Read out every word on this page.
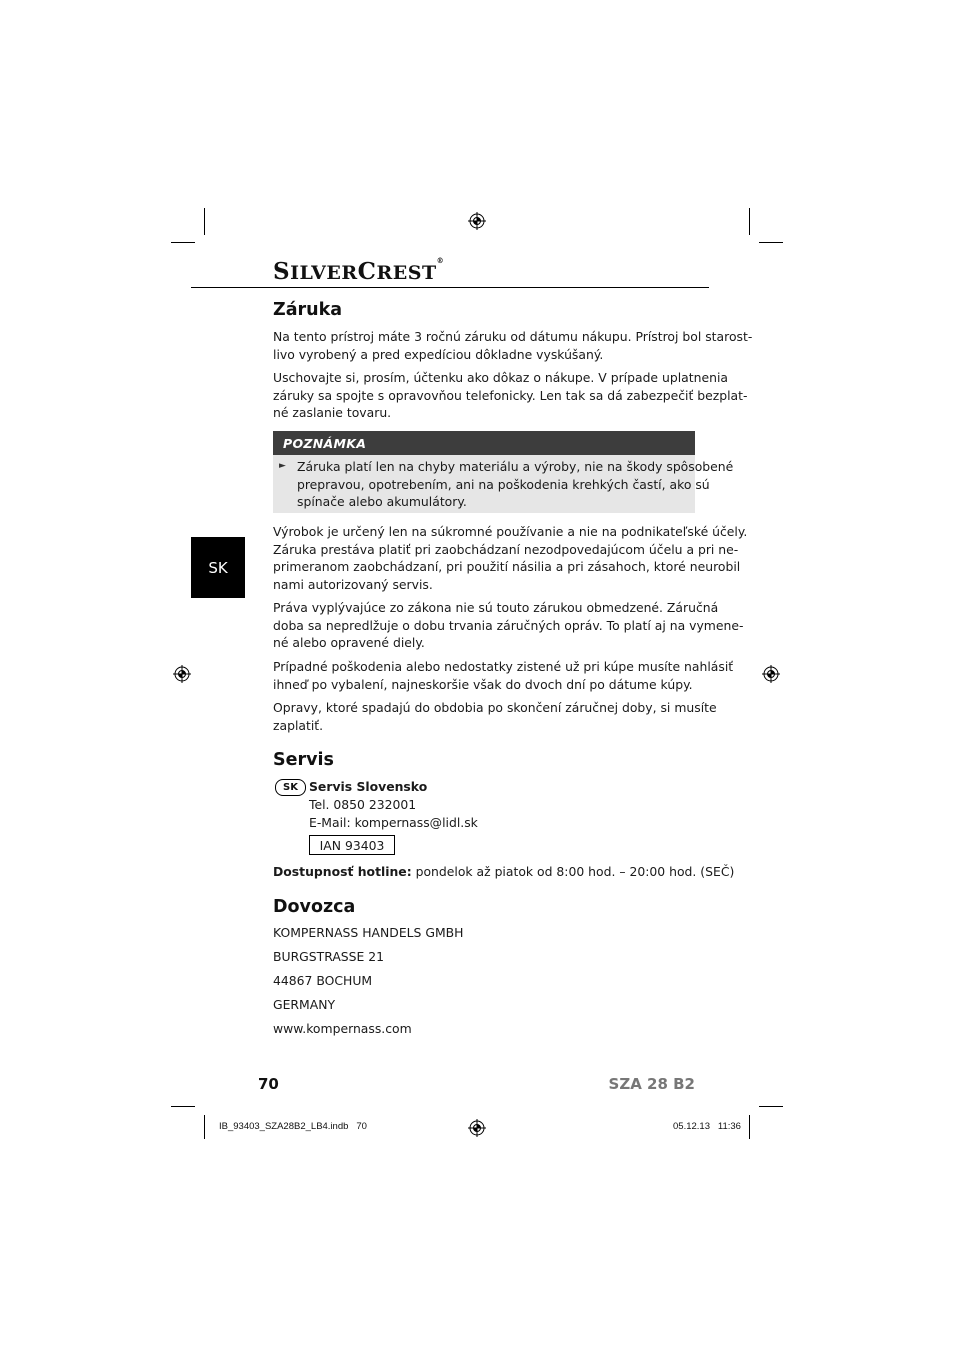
SILVERCREST®
SK
Záruka
Na tento prístroj máte 3 ročnú záruku od dátumu nákupu. Prístroj bol starost-
livo vyrobený a pred expedíciou dôkladne vyskúšaný.
Uschovajte si, prosím, účtenku ako dôkaz o nákupe. V prípade uplatnenia
záruky sa spojte s opravovňou telefonicky. Len tak sa dá zabezpečiť bezplat-
né zaslanie tovaru.
POZNÁMKA
► Záruka platí len na chyby materiálu a výroby, nie na škody spôsobené
prepravou, opotrebením, ani na poškodenia krehkých častí, ako sú
spínače alebo akumulátory.
Výrobok je určený len na súkromné používanie a nie na podnikateľské účely.
Záruka prestáva platiť pri zaobchádzaní nezodpovedajúcom účelu a pri ne-
primeranom zaobchádzaní, pri použití násilia a pri zásahoch, ktoré neurobil
nami autorizovaný servis.
Práva vyplývajúce zo zákona nie sú touto zárukou obmedzené. Záručná
doba sa nepredlžuje o dobu trvania záručných opráv. To platí aj na vymene-
né alebo opravené diely.
Prípadné poškodenia alebo nedostatky zistené už pri kúpe musíte nahlásiť
ihneď po vybalení, najneskoršie však do dvoch dní po dátume kúpy.
Opravy, ktoré spadajú do obdobia po skončení záručnej doby, si musíte
zaplatiť.
Servis
SK Servis Slovensko
Tel. 0850 232001
E-Mail: kompernass@lidl.sk
IAN 93403
Dostupnosť hotline: pondelok až piatok od 8:00 hod. – 20:00 hod. (SEČ)
Dovozca
KOMPERNASS HANDELS GMBH
BURGSTRASSE 21
44867 BOCHUM
GERMANY
www.kompernass.com
70	SZA 28 B2
IB_93403_SZA28B2_LB4.indb   70	05.12.13   11:36
